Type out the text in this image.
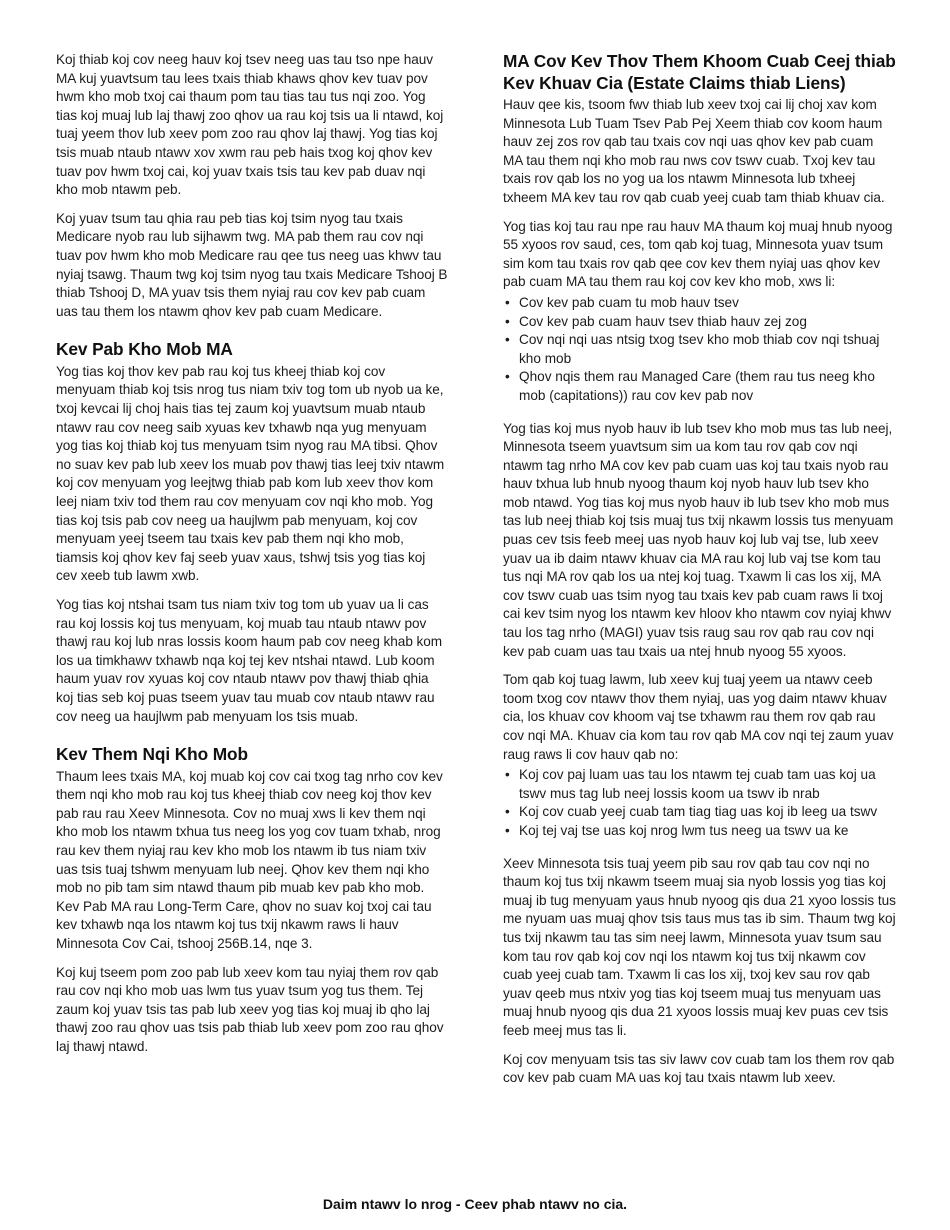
Koj thiab koj cov neeg hauv koj tsev neeg uas tau tso npe hauv MA kuj yuavtsum tau lees txais thiab khaws qhov kev tuav pov hwm kho mob txoj cai thaum pom tau tias tau tus nqi zoo. Yog tias koj muaj lub laj thawj zoo qhov ua rau koj tsis ua li ntawd, koj tuaj yeem thov lub xeev pom zoo rau qhov laj thawj. Yog tias koj tsis muab ntaub ntawv xov xwm rau peb hais txog koj qhov kev tuav pov hwm txoj cai, koj yuav txais tsis tau kev pab duav nqi kho mob ntawm peb.

Koj yuav tsum tau qhia rau peb tias koj tsim nyog tau txais Medicare nyob rau lub sijhawm twg. MA pab them rau cov nqi tuav pov hwm kho mob Medicare rau qee tus neeg uas khwv tau nyiaj tsawg. Thaum twg koj tsim nyog tau txais Medicare Tshooj B thiab Tshooj D, MA yuav tsis them nyiaj rau cov kev pab cuam uas tau them los ntawm qhov kev pab cuam Medicare.

Kev Pab Kho Mob MA

Yog tias koj thov kev pab rau koj tus kheej thiab koj cov menyuam thiab koj tsis nrog tus niam txiv tog tom ub nyob ua ke, txoj kevcai lij choj hais tias tej zaum koj yuavtsum muab ntaub ntawv rau cov neeg saib xyuas kev txhawb nqa yug menyuam yog tias koj thiab koj tus menyuam tsim nyog rau MA tibsi. Qhov no suav kev pab lub xeev los muab pov thawj tias leej txiv ntawm koj cov menyuam yog leejtwg thiab pab kom lub xeev thov kom leej niam txiv tod them rau cov menyuam cov nqi kho mob. Yog tias koj tsis pab cov neeg ua haujlwm pab menyuam, koj cov menyuam yeej tseem tau txais kev pab them nqi kho mob, tiamsis koj qhov kev faj seeb yuav xaus, tshwj tsis yog tias koj cev xeeb tub lawm xwb.

Yog tias koj ntshai tsam tus niam txiv tog tom ub yuav ua li cas rau koj lossis koj tus menyuam, koj muab tau ntaub ntawv pov thawj rau koj lub nras lossis koom haum pab cov neeg khab kom los ua timkhawv txhawb nqa koj tej kev ntshai ntawd. Lub koom haum yuav rov xyuas koj cov ntaub ntawv pov thawj thiab qhia koj tias seb koj puas tseem yuav tau muab cov ntaub ntawv rau cov neeg ua haujlwm pab menyuam los tsis muab.

Kev Them Nqi Kho Mob

Thaum lees txais MA, koj muab koj cov cai txog tag nrho cov kev them nqi kho mob rau koj tus kheej thiab cov neeg koj thov kev pab rau rau Xeev Minnesota. Cov no muaj xws li kev them nqi kho mob los ntawm txhua tus neeg los yog cov tuam txhab, nrog rau kev them nyiaj rau kev kho mob los ntawm ib tus niam txiv uas tsis tuaj tshwm menyuam lub neej. Qhov kev them nqi kho mob no pib tam sim ntawd thaum pib muab kev pab kho mob. Kev Pab MA rau Long-Term Care, qhov no suav koj txoj cai tau kev txhawb nqa los ntawm koj tus txij nkawm raws li hauv Minnesota Cov Cai, tshooj 256B.14, nqe 3.

Koj kuj tseem pom zoo pab lub xeev kom tau nyiaj them rov qab rau cov nqi kho mob uas lwm tus yuav tsum yog tus them. Tej zaum koj yuav tsis tas pab lub xeev yog tias koj muaj ib qho laj thawj zoo rau qhov uas tsis pab thiab lub xeev pom zoo rau qhov laj thawj ntawd.

MA Cov Kev Thov Them Khoom Cuab Ceej thiab Kev Khuav Cia (Estate Claims thiab Liens)

Hauv qee kis, tsoom fwv thiab lub xeev txoj cai lij choj xav kom Minnesota Lub Tuam Tsev Pab Pej Xeem thiab cov koom haum hauv zej zos rov qab tau txais cov nqi uas qhov kev pab cuam MA tau them nqi kho mob rau nws cov tswv cuab. Txoj kev tau txais rov qab los no yog ua los ntawm Minnesota lub txheej txheem MA kev tau rov qab cuab yeej cuab tam thiab khuav cia.

Yog tias koj tau rau npe rau hauv MA thaum koj muaj hnub nyoog 55 xyoos rov saud, ces, tom qab koj tuag, Minnesota yuav tsum sim kom tau txais rov qab qee cov kev them nyiaj uas qhov kev pab cuam MA tau them rau koj cov kev kho mob, xws li:

• Cov kev pab cuam tu mob hauv tsev
• Cov kev pab cuam hauv tsev thiab hauv zej zog
• Cov nqi nqi uas ntsig txog tsev kho mob thiab cov nqi tshuaj kho mob
• Qhov nqis them rau Managed Care (them rau tus neeg kho mob (capitations)) rau cov kev pab nov

Yog tias koj mus nyob hauv ib lub tsev kho mob mus tas lub neej, Minnesota tseem yuavtsum sim ua kom tau rov qab cov nqi ntawm tag nrho MA cov kev pab cuam uas koj tau txais nyob rau hauv txhua lub hnub nyoog thaum koj nyob hauv lub tsev kho mob ntawd. Yog tias koj mus nyob hauv ib lub tsev kho mob mus tas lub neej thiab koj tsis muaj tus txij nkawm lossis tus menyuam puas cev tsis feeb meej uas nyob hauv koj lub vaj tse, lub xeev yuav ua ib daim ntawv khuav cia MA rau koj lub vaj tse kom tau tus nqi MA rov qab los ua ntej koj tuag. Txawm li cas los xij, MA cov tswv cuab uas tsim nyog tau txais kev pab cuam raws li txoj cai kev tsim nyog los ntawm kev hloov kho ntawm cov nyiaj khwv tau los tag nrho (MAGI) yuav tsis raug sau rov qab rau cov nqi kev pab cuam uas tau txais ua ntej hnub nyoog 55 xyoos.

Tom qab koj tuag lawm, lub xeev kuj tuaj yeem ua ntawv ceeb toom txog cov ntawv thov them nyiaj, uas yog daim ntawv khuav cia, los khuav cov khoom vaj tse txhawm rau them rov qab rau cov nqi MA. Khuav cia kom tau rov qab MA cov nqi tej zaum yuav raug raws li cov hauv qab no:

• Koj cov paj luam uas tau los ntawm tej cuab tam uas koj ua tswv mus tag lub neej lossis koom ua tswv ib nrab
• Koj cov cuab yeej cuab tam tiag tiag uas koj ib leeg ua tswv
• Koj tej vaj tse uas koj nrog lwm tus neeg ua tswv ua ke

Xeev Minnesota tsis tuaj yeem pib sau rov qab tau cov nqi no thaum koj tus txij nkawm tseem muaj sia nyob lossis yog tias koj muaj ib tug menyuam yaus hnub nyoog qis dua 21 xyoo lossis tus me nyuam uas muaj qhov tsis taus mus tas ib sim. Thaum twg koj tus txij nkawm tau tas sim neej lawm, Minnesota yuav tsum sau kom tau rov qab koj cov nqi los ntawm koj tus txij nkawm cov cuab yeej cuab tam. Txawm li cas los xij, txoj kev sau rov qab yuav qeeb mus ntxiv yog tias koj tseem muaj tus menyuam uas muaj hnub nyoog qis dua 21 xyoos lossis muaj kev puas cev tsis feeb meej mus tas li.

Koj cov menyuam tsis tas siv lawv cov cuab tam los them rov qab cov kev pab cuam MA uas koj tau txais ntawm lub xeev.

Daim ntawv lo nrog - Ceev phab ntawv no cia.
